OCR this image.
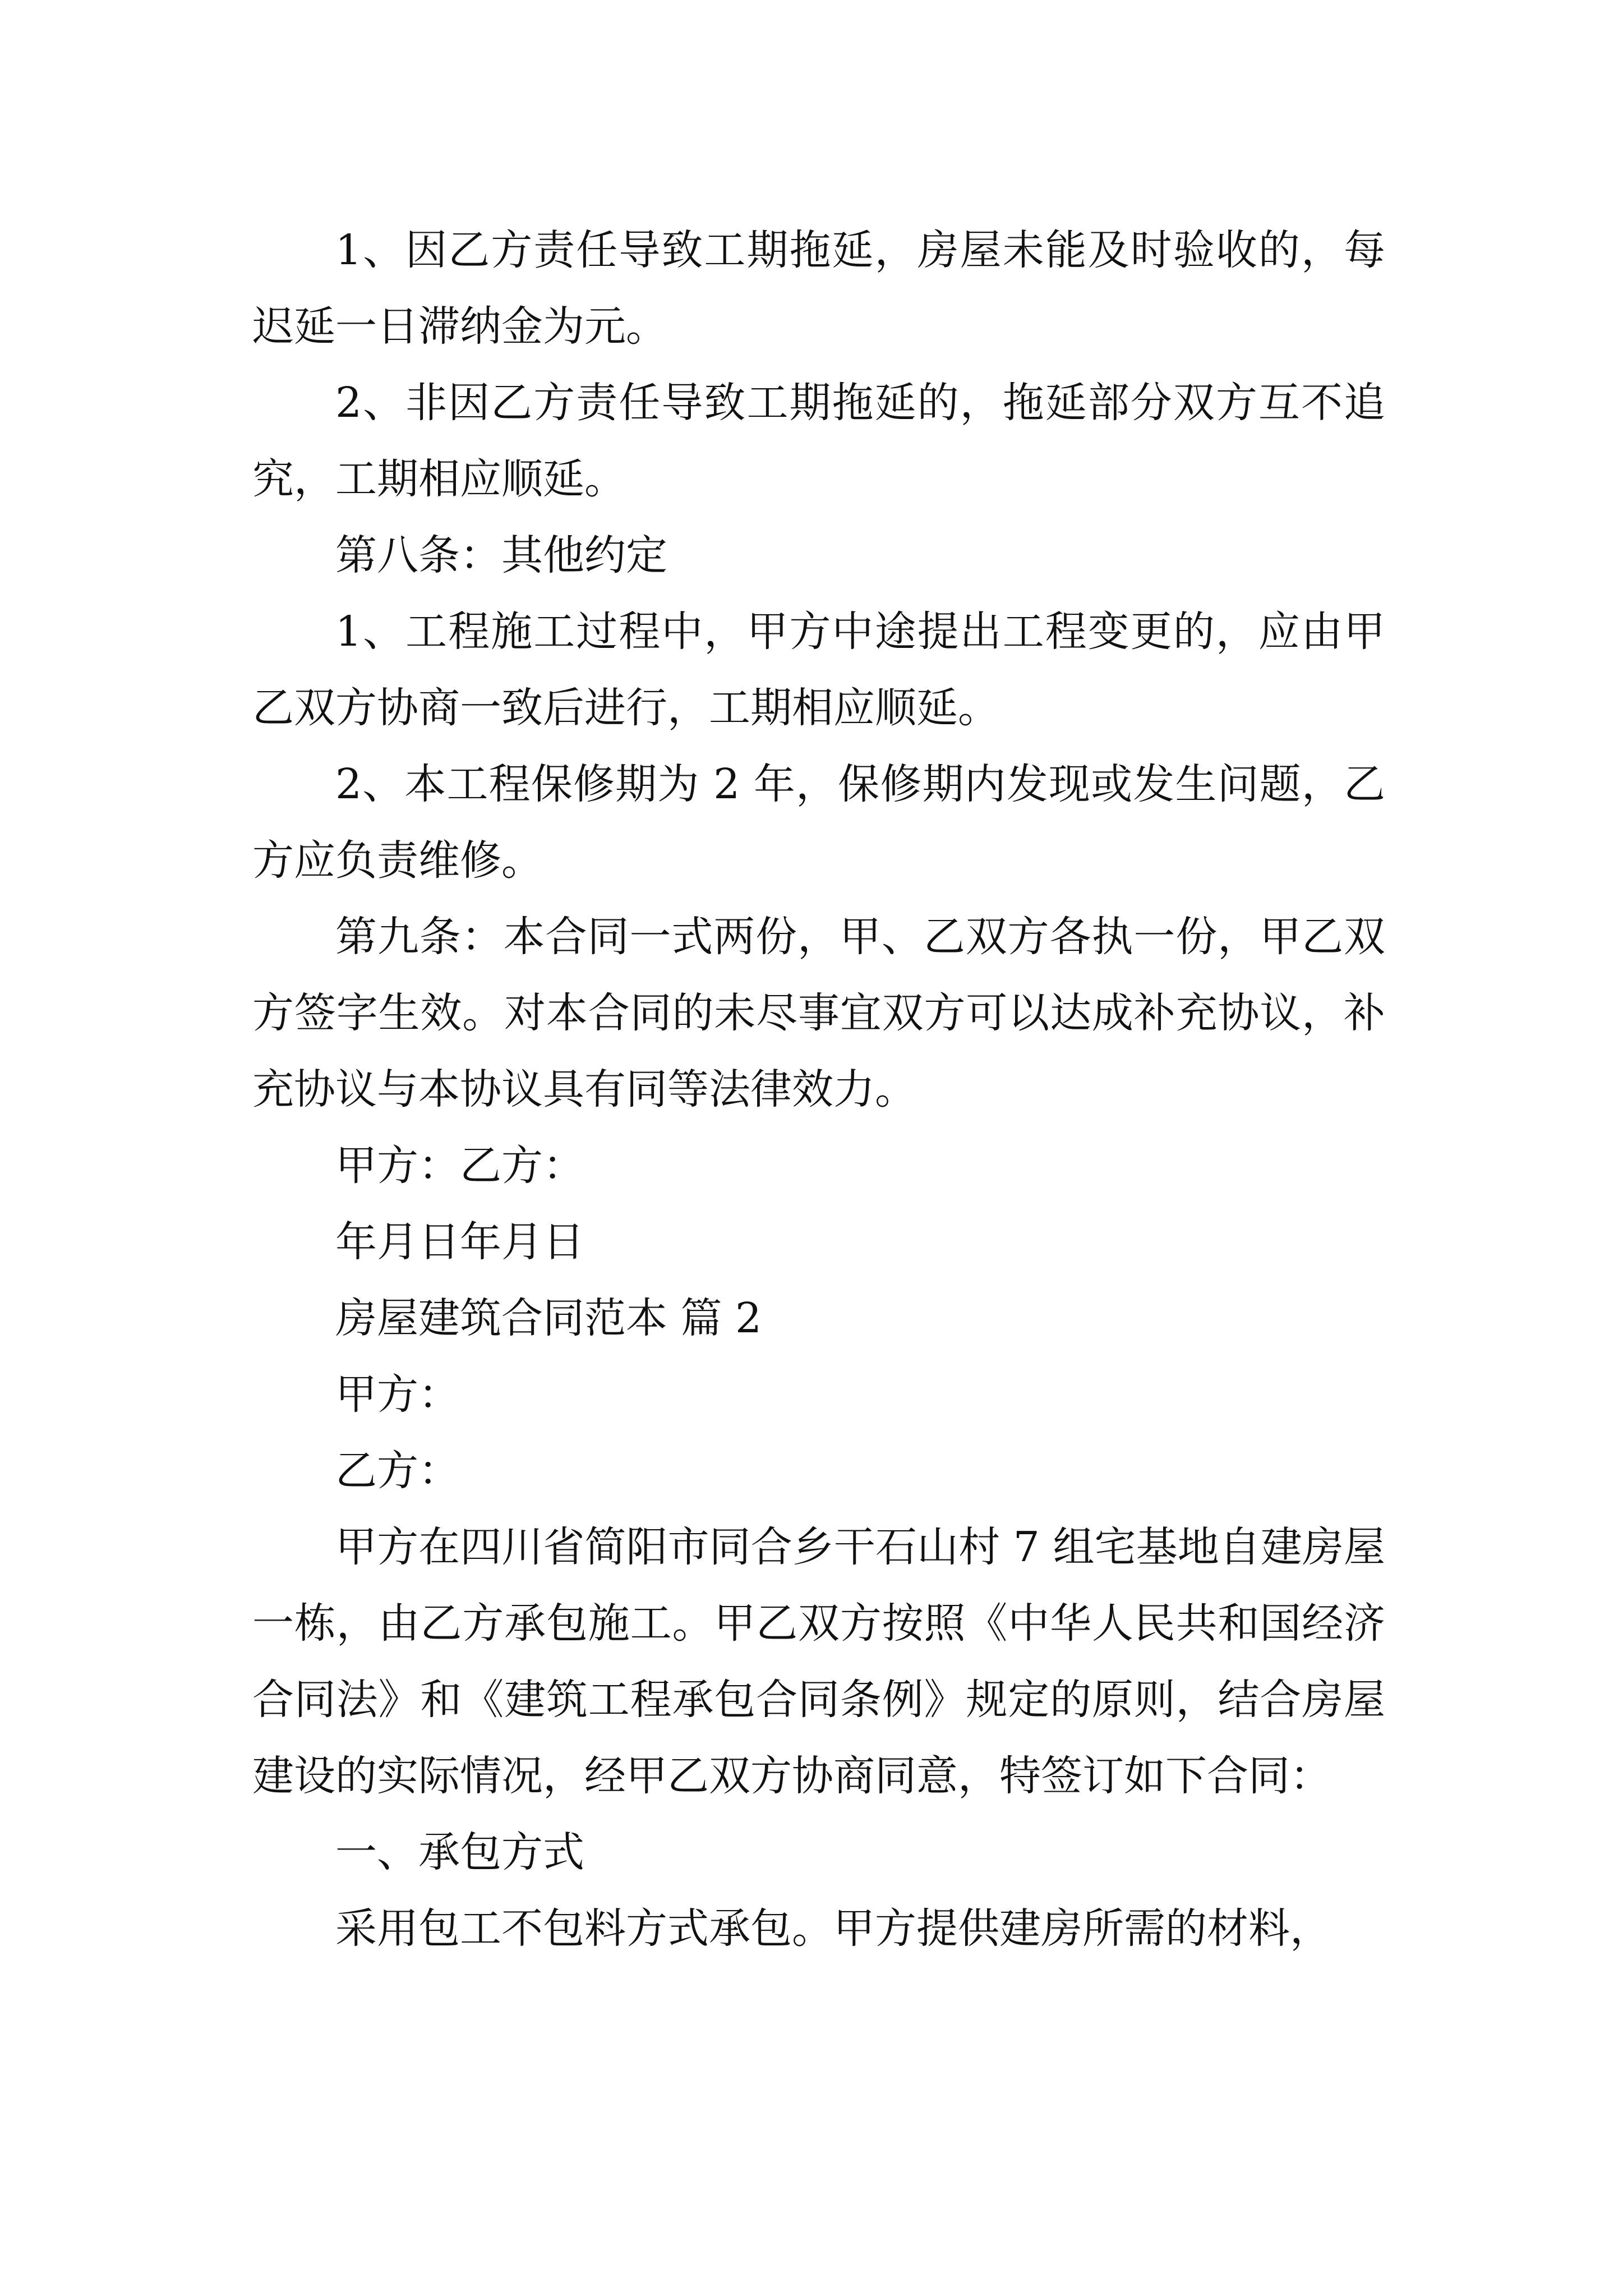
1、因乙方责任导致工期拖延，房屋未能及时验收的，每迟延一日滞纳金为元。

2、非因乙方责任导致工期拖延的，拖延部分双方互不追究，工期相应顺延。

第八条：其他约定

1、工程施工过程中，甲方中途提出工程变更的，应由甲乙双方协商一致后进行，工期相应顺延。

2、本工程保修期为 2 年，保修期内发现或发生问题，乙方应负责维修。

第九条：本合同一式两份，甲、乙双方各执一份，甲乙双方签字生效。对本合同的未尽事宜双方可以达成补充协议，补充协议与本协议具有同等法律效力。

甲方：乙方：

年月日年月日

房屋建筑合同范本 篇 2

甲方：

乙方：

甲方在四川省简阳市同合乡干石山村 7 组宅基地自建房屋一栋，由乙方承包施工。甲乙双方按照《中华人民共和国经济合同法》和《建筑工程承包合同条例》规定的原则，结合房屋建设的实际情况，经甲乙双方协商同意，特签订如下合同：

一、承包方式

采用包工不包料方式承包。甲方提供建房所需的材料，
